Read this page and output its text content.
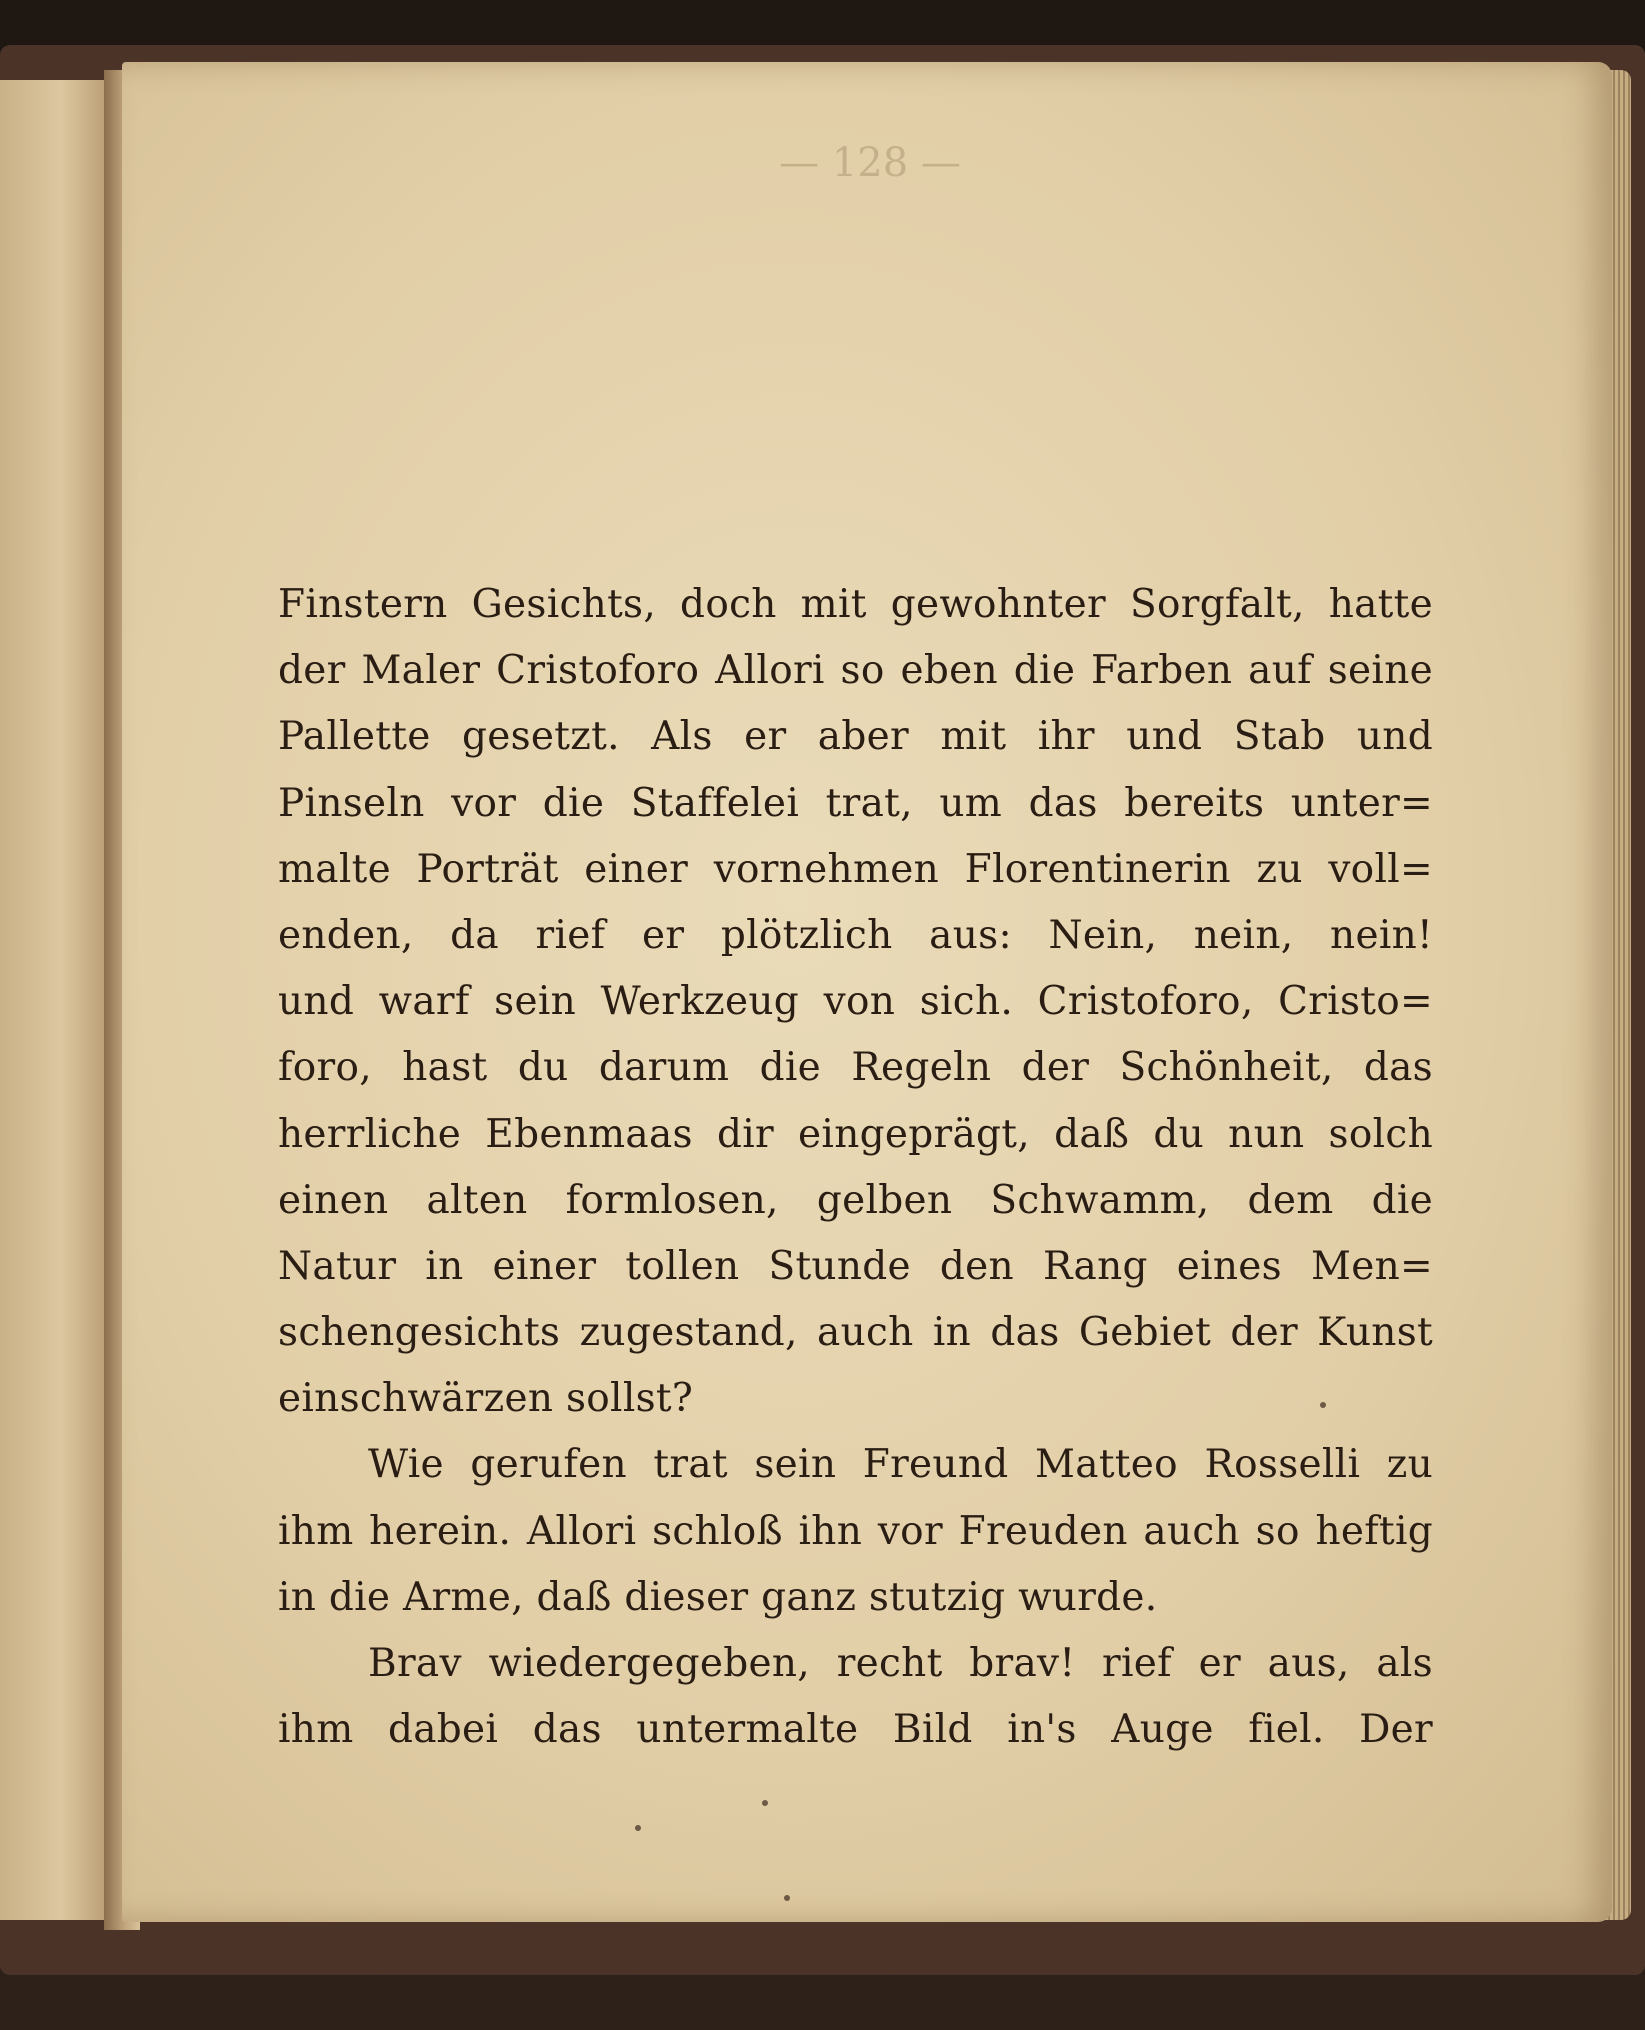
— 128 —
Finstern Gesichts, doch mit gewohnter Sorgfalt, hatte
der Maler Cristoforo Allori so eben die Farben auf seine
Pallette gesetzt. Als er aber mit ihr und Stab und
Pinseln vor die Staffelei trat, um das bereits unter=
malte Porträt einer vornehmen Florentinerin zu voll=
enden, da rief er plötzlich aus: Nein, nein, nein!
und warf sein Werkzeug von sich. Cristoforo, Cristo=
foro, hast du darum die Regeln der Schönheit, das
herrliche Ebenmaas dir eingeprägt, daß du nun solch
einen alten formlosen, gelben Schwamm, dem die
Natur in einer tollen Stunde den Rang eines Men=
schengesichts zugestand, auch in das Gebiet der Kunst
einschwärzen sollst?
Wie gerufen trat sein Freund Matteo Rosselli zu
ihm herein. Allori schloß ihn vor Freuden auch so heftig
in die Arme, daß dieser ganz stutzig wurde.
Brav wiedergegeben, recht brav! rief er aus, als
ihm dabei das untermalte Bild in's Auge fiel. Der
